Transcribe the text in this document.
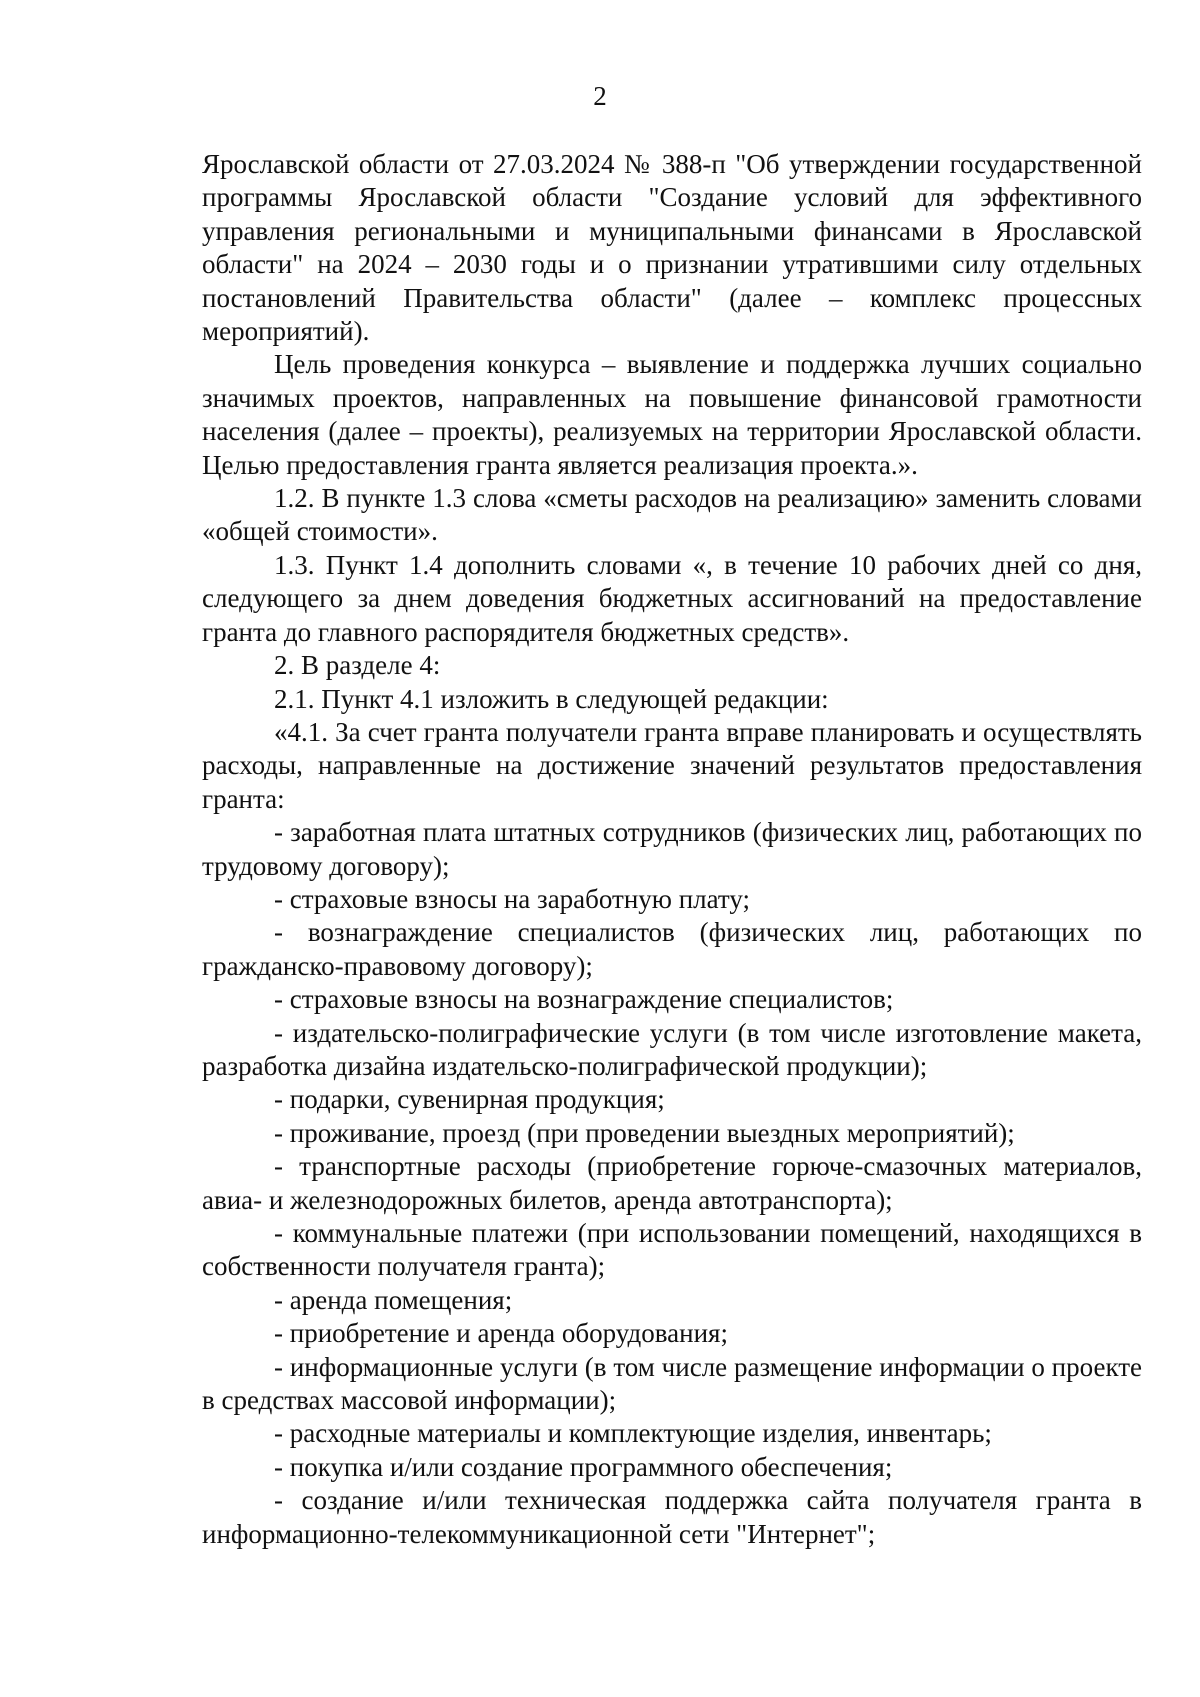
2

Ярославской области от 27.03.2024 № 388-п "Об утверждении государственной программы Ярославской области "Создание условий для эффективного управления региональными и муниципальными финансами в Ярославской области" на 2024 – 2030 годы и о признании утратившими силу отдельных постановлений Правительства области" (далее – комплекс процессных мероприятий).

Цель проведения конкурса – выявление и поддержка лучших социально значимых проектов, направленных на повышение финансовой грамотности населения (далее – проекты), реализуемых на территории Ярославской области. Целью предоставления гранта является реализация проекта.».

1.2. В пункте 1.3 слова «сметы расходов на реализацию» заменить словами «общей стоимости».

1.3. Пункт 1.4 дополнить словами «, в течение 10 рабочих дней со дня, следующего за днем доведения бюджетных ассигнований на предоставление гранта до главного распорядителя бюджетных средств».

2. В разделе 4:

2.1. Пункт 4.1 изложить в следующей редакции:

«4.1. За счет гранта получатели гранта вправе планировать и осуществлять расходы, направленные на достижение значений результатов предоставления гранта:

- заработная плата штатных сотрудников (физических лиц, работающих по трудовому договору);

- страховые взносы на заработную плату;

- вознаграждение специалистов (физических лиц, работающих по гражданско-правовому договору);

- страховые взносы на вознаграждение специалистов;

- издательско-полиграфические услуги (в том числе изготовление макета, разработка дизайна издательско-полиграфической продукции);

- подарки, сувенирная продукция;

- проживание, проезд (при проведении выездных мероприятий);

- транспортные расходы (приобретение горюче-смазочных материалов, авиа- и железнодорожных билетов, аренда автотранспорта);

- коммунальные платежи (при использовании помещений, находящихся в собственности получателя гранта);

- аренда помещения;

- приобретение и аренда оборудования;

- информационные услуги (в том числе размещение информации о проекте в средствах массовой информации);

- расходные материалы и комплектующие изделия, инвентарь;

- покупка и/или создание программного обеспечения;

- создание и/или техническая поддержка сайта получателя гранта в информационно-телекоммуникационной сети "Интернет";
